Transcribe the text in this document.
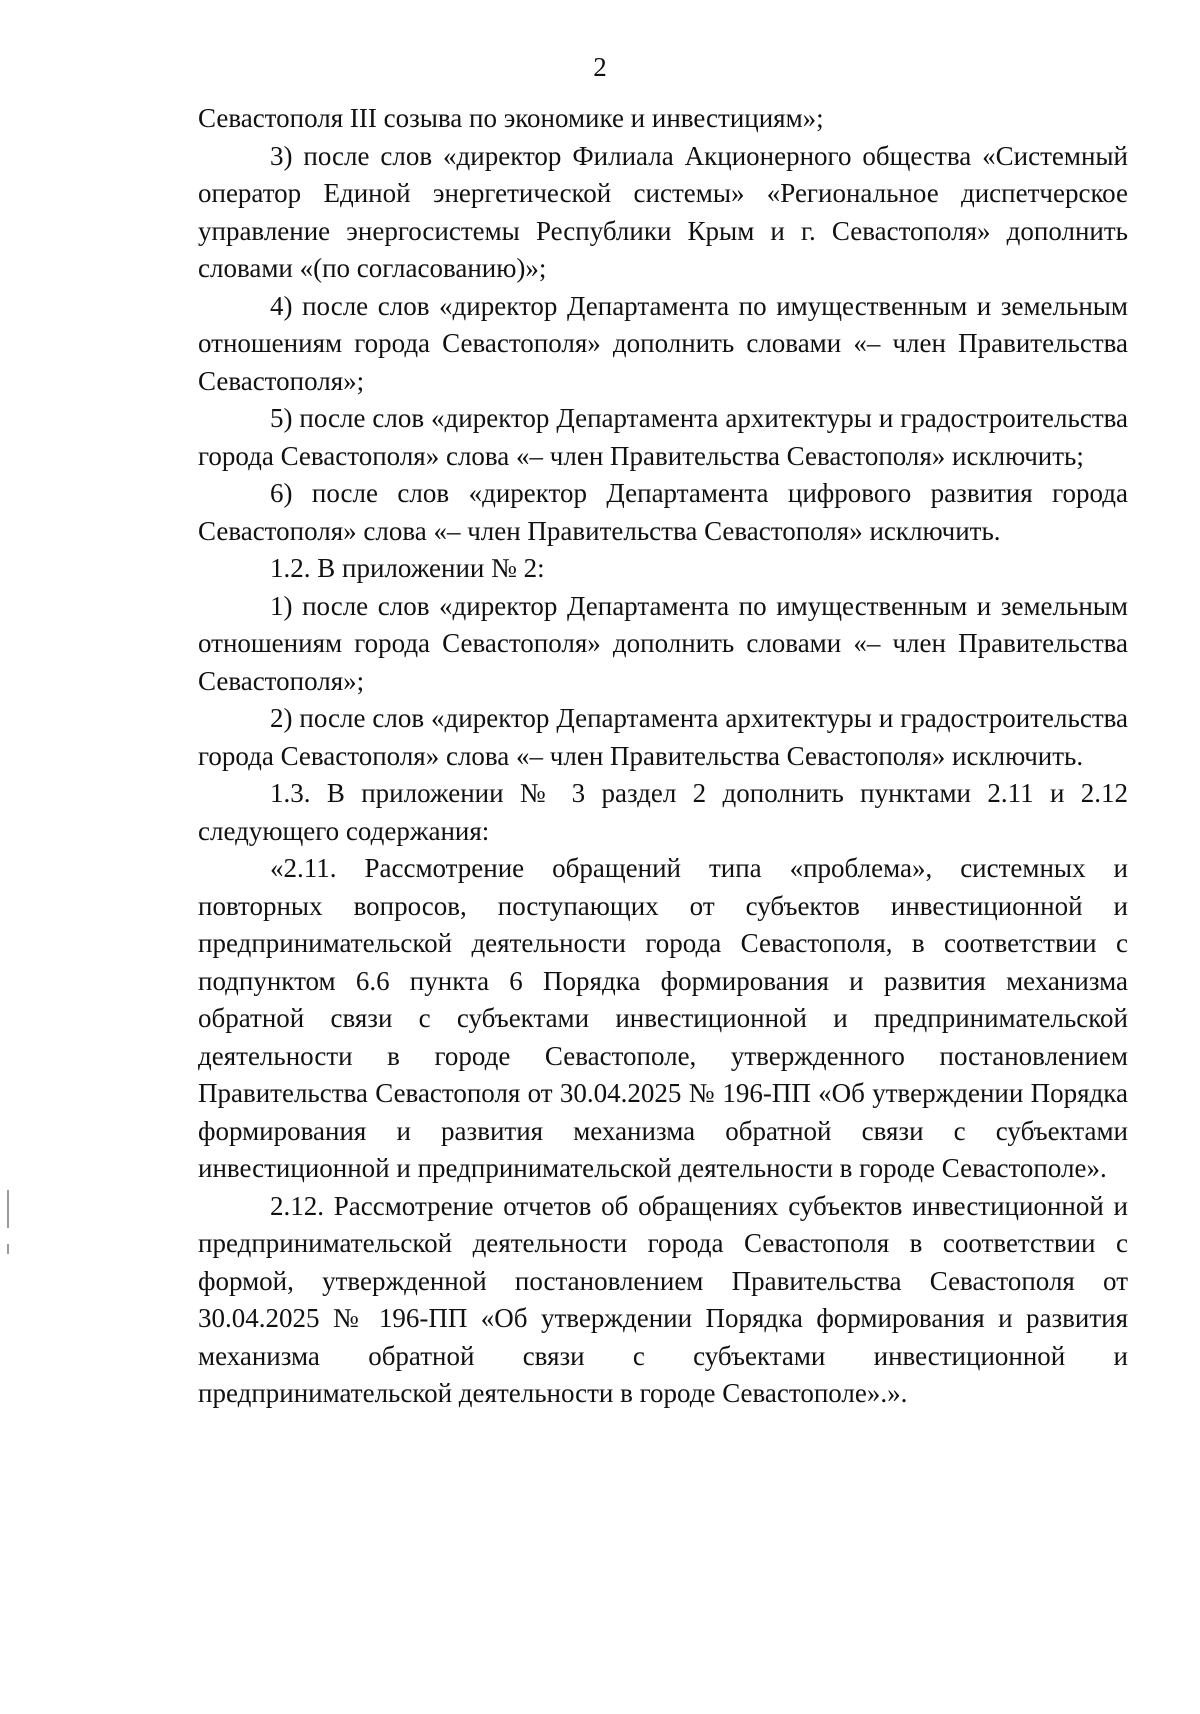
2

Севастополя III созыва по экономике и инвестициям»;

3) после слов «директор Филиала Акционерного общества «Системный оператор Единой энергетической системы» «Региональное диспетчерское управление энергосистемы Республики Крым и г. Севастополя» дополнить словами «(по согласованию)»;

4) после слов «директор Департамента по имущественным и земельным отношениям города Севастополя» дополнить словами «– член Правительства Севастополя»;

5) после слов «директор Департамента архитектуры и градостроительства города Севастополя» слова «– член Правительства Севастополя» исключить;

6) после слов «директор Департамента цифрового развития города Севастополя» слова «– член Правительства Севастополя» исключить.

1.2. В приложении № 2:

1) после слов «директор Департамента по имущественным и земельным отношениям города Севастополя» дополнить словами «– член Правительства Севастополя»;

2) после слов «директор Департамента архитектуры и градостроительства города Севастополя» слова «– член Правительства Севастополя» исключить.

1.3. В приложении № 3 раздел 2 дополнить пунктами 2.11 и 2.12 следующего содержания:

«2.11. Рассмотрение обращений типа «проблема», системных и повторных вопросов, поступающих от субъектов инвестиционной и предпринимательской деятельности города Севастополя, в соответствии с подпунктом 6.6 пункта 6 Порядка формирования и развития механизма обратной связи с субъектами инвестиционной и предпринимательской деятельности в городе Севастополе, утвержденного постановлением Правительства Севастополя от 30.04.2025 № 196-ПП «Об утверждении Порядка формирования и развития механизма обратной связи с субъектами инвестиционной и предпринимательской деятельности в городе Севастополе».

2.12. Рассмотрение отчетов об обращениях субъектов инвестиционной и предпринимательской деятельности города Севастополя в соответствии с формой, утвержденной постановлением Правительства Севастополя от 30.04.2025 № 196-ПП «Об утверждении Порядка формирования и развития механизма обратной связи с субъектами инвестиционной и предпринимательской деятельности в городе Севастополе».».
